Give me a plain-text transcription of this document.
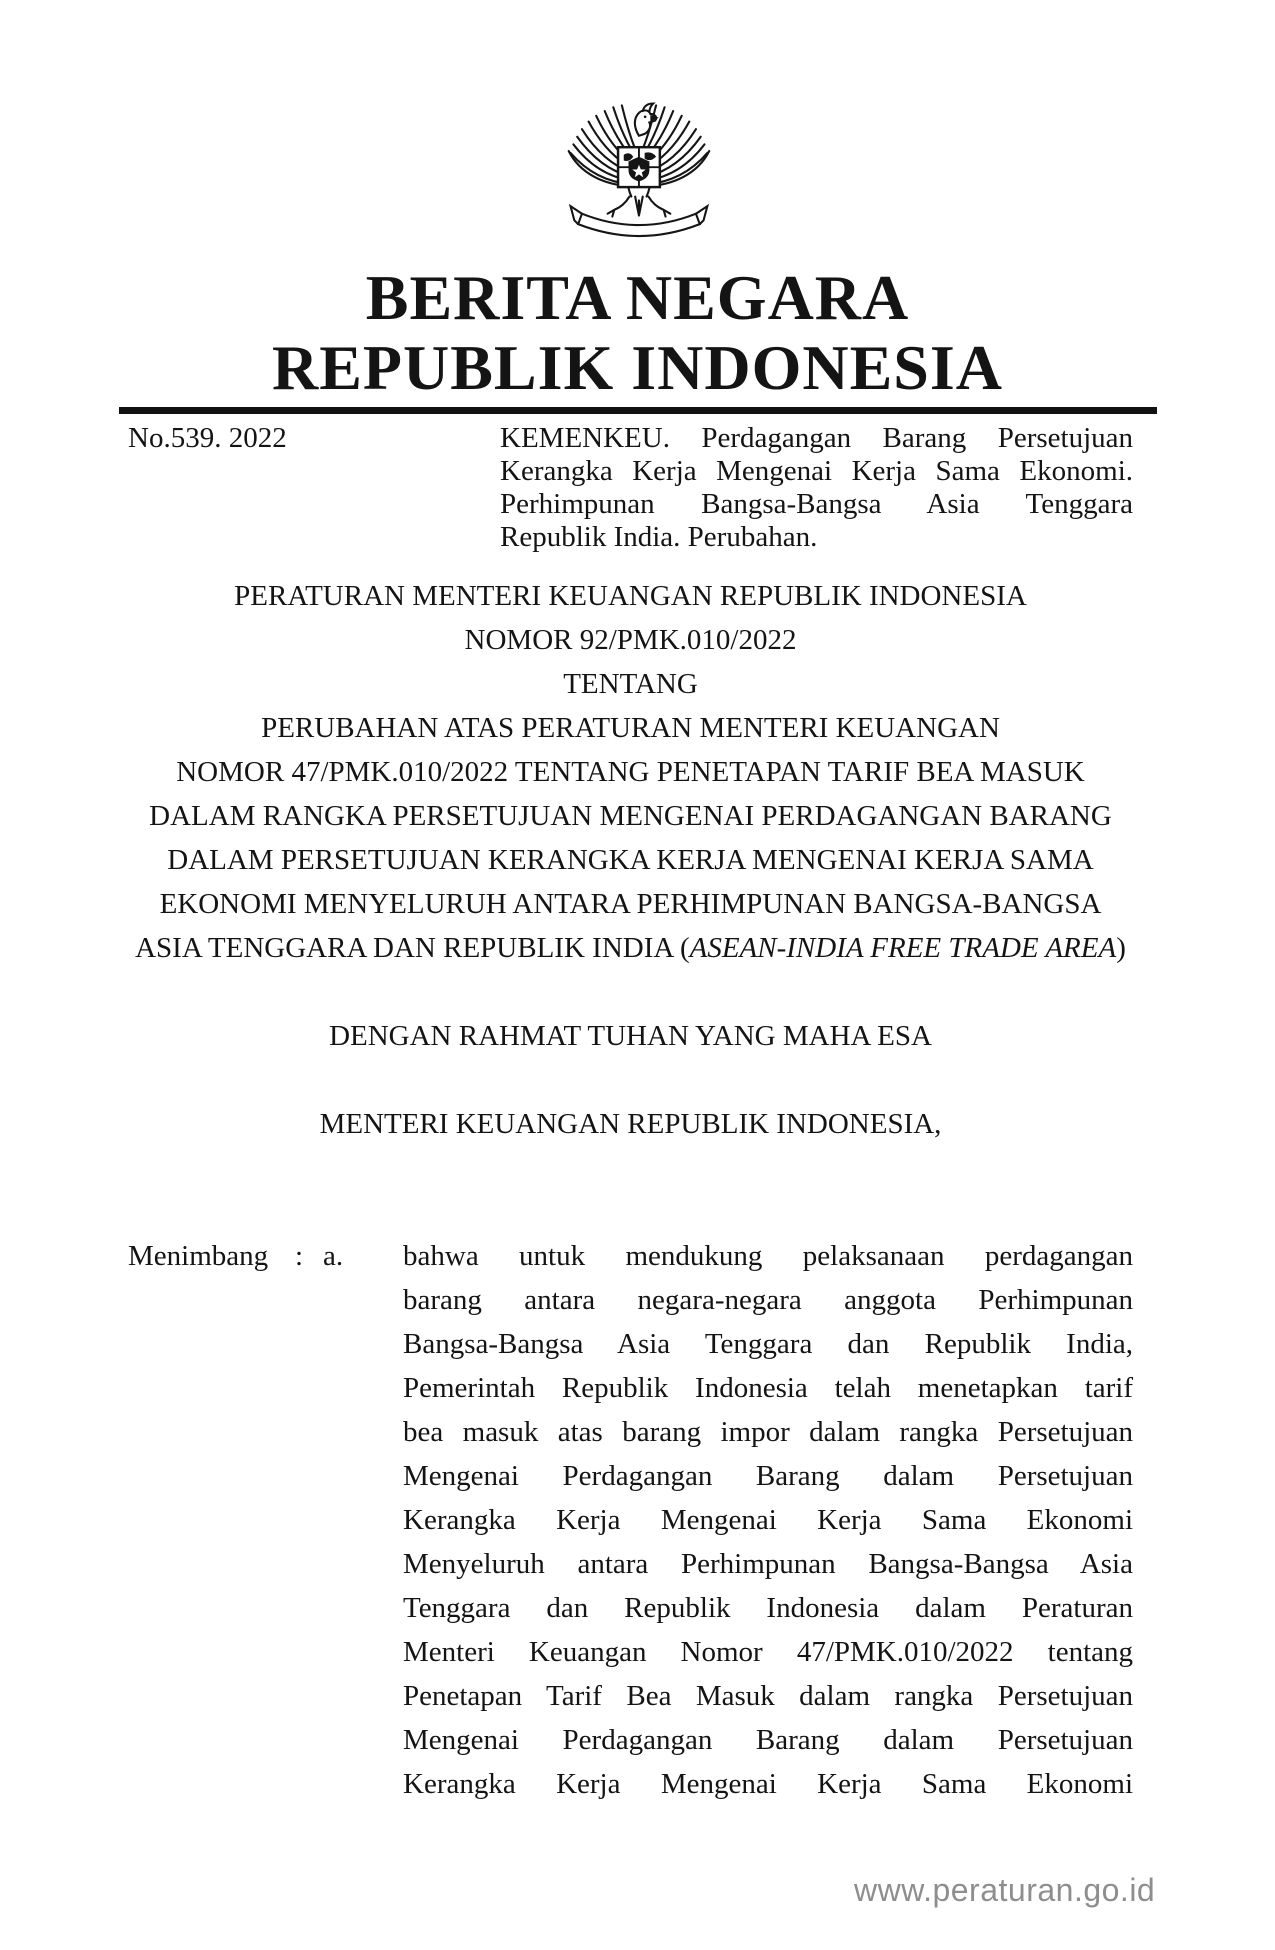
BERITA NEGARA
REPUBLIK INDONESIA
No.539. 2022	KEMENKEU. Perdagangan Barang Persetujuan
Kerangka Kerja Mengenai Kerja Sama Ekonomi.
Perhimpunan Bangsa-Bangsa Asia Tenggara
Republik India. Perubahan.
PERATURAN MENTERI KEUANGAN REPUBLIK INDONESIA
NOMOR 92/PMK.010/2022
TENTANG
PERUBAHAN ATAS PERATURAN MENTERI KEUANGAN
NOMOR 47/PMK.010/2022 TENTANG PENETAPAN TARIF BEA MASUK
DALAM RANGKA PERSETUJUAN MENGENAI PERDAGANGAN BARANG
DALAM PERSETUJUAN KERANGKA KERJA MENGENAI KERJA SAMA
EKONOMI MENYELURUH ANTARA PERHIMPUNAN BANGSA-BANGSA
ASIA TENGGARA DAN REPUBLIK INDIA (ASEAN-INDIA FREE TRADE AREA)
DENGAN RAHMAT TUHAN YANG MAHA ESA
MENTERI KEUANGAN REPUBLIK INDONESIA,
Menimbang : a.	bahwa untuk mendukung pelaksanaan perdagangan
barang antara negara-negara anggota Perhimpunan
Bangsa-Bangsa Asia Tenggara dan Republik India,
Pemerintah Republik Indonesia telah menetapkan tarif
bea masuk atas barang impor dalam rangka Persetujuan
Mengenai Perdagangan Barang dalam Persetujuan
Kerangka Kerja Mengenai Kerja Sama Ekonomi
Menyeluruh antara Perhimpunan Bangsa-Bangsa Asia
Tenggara dan Republik Indonesia dalam Peraturan
Menteri Keuangan Nomor 47/PMK.010/2022 tentang
Penetapan Tarif Bea Masuk dalam rangka Persetujuan
Mengenai Perdagangan Barang dalam Persetujuan
Kerangka Kerja Mengenai Kerja Sama Ekonomi
www.peraturan.go.id
